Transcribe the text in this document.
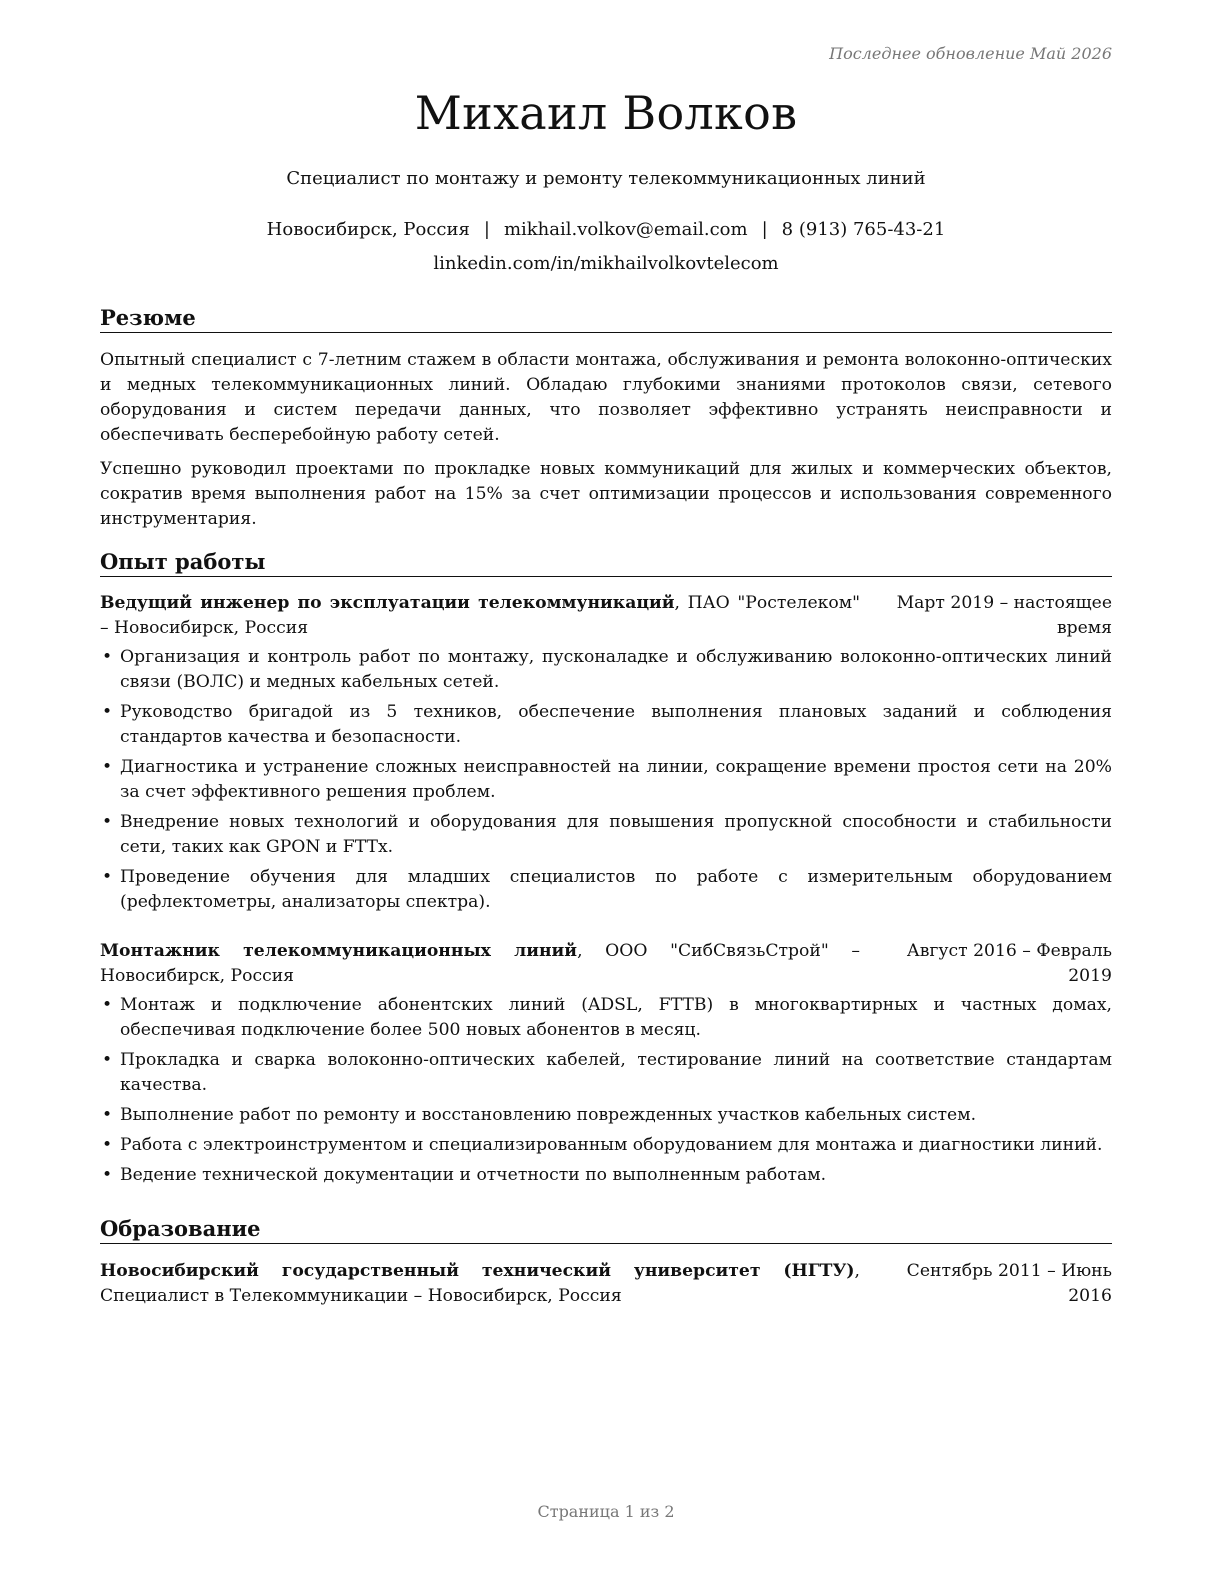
Последнее обновление Май 2026
Михаил Волков
Специалист по монтажу и ремонту телекоммуникационных линий
Новосибирск, Россия | mikhail.volkov@email.com | 8 (913) 765-43-21
linkedin.com/in/mikhailvolkovtelecom
Резюме
Опытный специалист с 7-летним стажем в области монтажа, обслуживания и ремонта волоконно-оптических и медных телекоммуникационных линий. Обладаю глубокими знаниями протоколов связи, сетевого оборудования и систем передачи данных, что позволяет эффективно устранять неисправности и обеспечивать бесперебойную работу сетей.
Успешно руководил проектами по прокладке новых коммуникаций для жилых и коммерческих объектов, сократив время выполнения работ на 15% за счет оптимизации процессов и использования современного инструментария.
Опыт работы
Ведущий инженер по эксплуатации телекоммуникаций, ПАО "Ростелеком" – Новосибирск, Россия
Март 2019 – настоящее время
• Организация и контроль работ по монтажу, пусконаладке и обслуживанию волоконно-оптических линий связи (ВОЛС) и медных кабельных сетей.
• Руководство бригадой из 5 техников, обеспечение выполнения плановых заданий и соблюдения стандартов качества и безопасности.
• Диагностика и устранение сложных неисправностей на линии, сокращение времени простоя сети на 20% за счет эффективного решения проблем.
• Внедрение новых технологий и оборудования для повышения пропускной способности и стабильности сети, таких как GPON и FTTx.
• Проведение обучения для младших специалистов по работе с измерительным оборудованием (рефлектометры, анализаторы спектра).
Монтажник телекоммуникационных линий, ООО "СибСвязьСтрой" – Новосибирск, Россия
Август 2016 – Февраль 2019
• Монтаж и подключение абонентских линий (ADSL, FTTB) в многоквартирных и частных домах, обеспечивая подключение более 500 новых абонентов в месяц.
• Прокладка и сварка волоконно-оптических кабелей, тестирование линий на соответствие стандартам качества.
• Выполнение работ по ремонту и восстановлению поврежденных участков кабельных систем.
• Работа с электроинструментом и специализированным оборудованием для монтажа и диагностики линий.
• Ведение технической документации и отчетности по выполненным работам.
Образование
Новосибирский государственный технический университет (НГТУ), Специалист в Телекоммуникации – Новосибирск, Россия
Сентябрь 2011 – Июнь 2016
Страница 1 из 2
